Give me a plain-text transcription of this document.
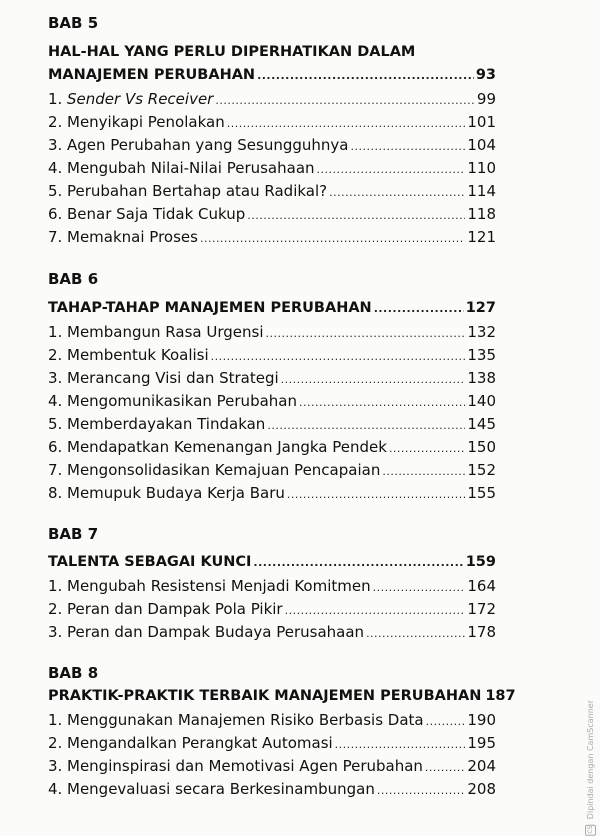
BAB 5
HAL-HAL YANG PERLU DIPERHATIKAN DALAM
MANAJEMEN PERUBAHAN .....	93
1. Sender Vs Receiver .....	99
2. Menyikapi Penolakan .....	101
3. Agen Perubahan yang Sesungguhnya .....	104
4. Mengubah Nilai-Nilai Perusahaan .....	110
5. Perubahan Bertahap atau Radikal? .....	114
6. Benar Saja Tidak Cukup .....	118
7. Memaknai Proses .....	121
BAB 6
TAHAP-TAHAP MANAJEMEN PERUBAHAN .....	127
1. Membangun Rasa Urgensi .....	132
2. Membentuk Koalisi .....	135
3. Merancang Visi dan Strategi .....	138
4. Mengomunikasikan Perubahan .....	140
5. Memberdayakan Tindakan .....	145
6. Mendapatkan Kemenangan Jangka Pendek .....	150
7. Mengonsolidasikan Kemajuan Pencapaian .....	152
8. Memupuk Budaya Kerja Baru .....	155
BAB 7
TALENTA SEBAGAI KUNCI .....	159
1. Mengubah Resistensi Menjadi Komitmen .....	164
2. Peran dan Dampak Pola Pikir .....	172
3. Peran dan Dampak Budaya Perusahaan .....	178
BAB 8
PRAKTIK-PRAKTIK TERBAIK MANAJEMEN PERUBAHAN 187
1. Menggunakan Manajemen Risiko Berbasis Data .....	190
2. Mengandalkan Perangkat Automasi .....	195
3. Menginspirasi dan Memotivasi Agen Perubahan .....	204
4. Mengevaluasi secara Berkesinambungan .....	208
CS Dipindai dengan CamScanner
